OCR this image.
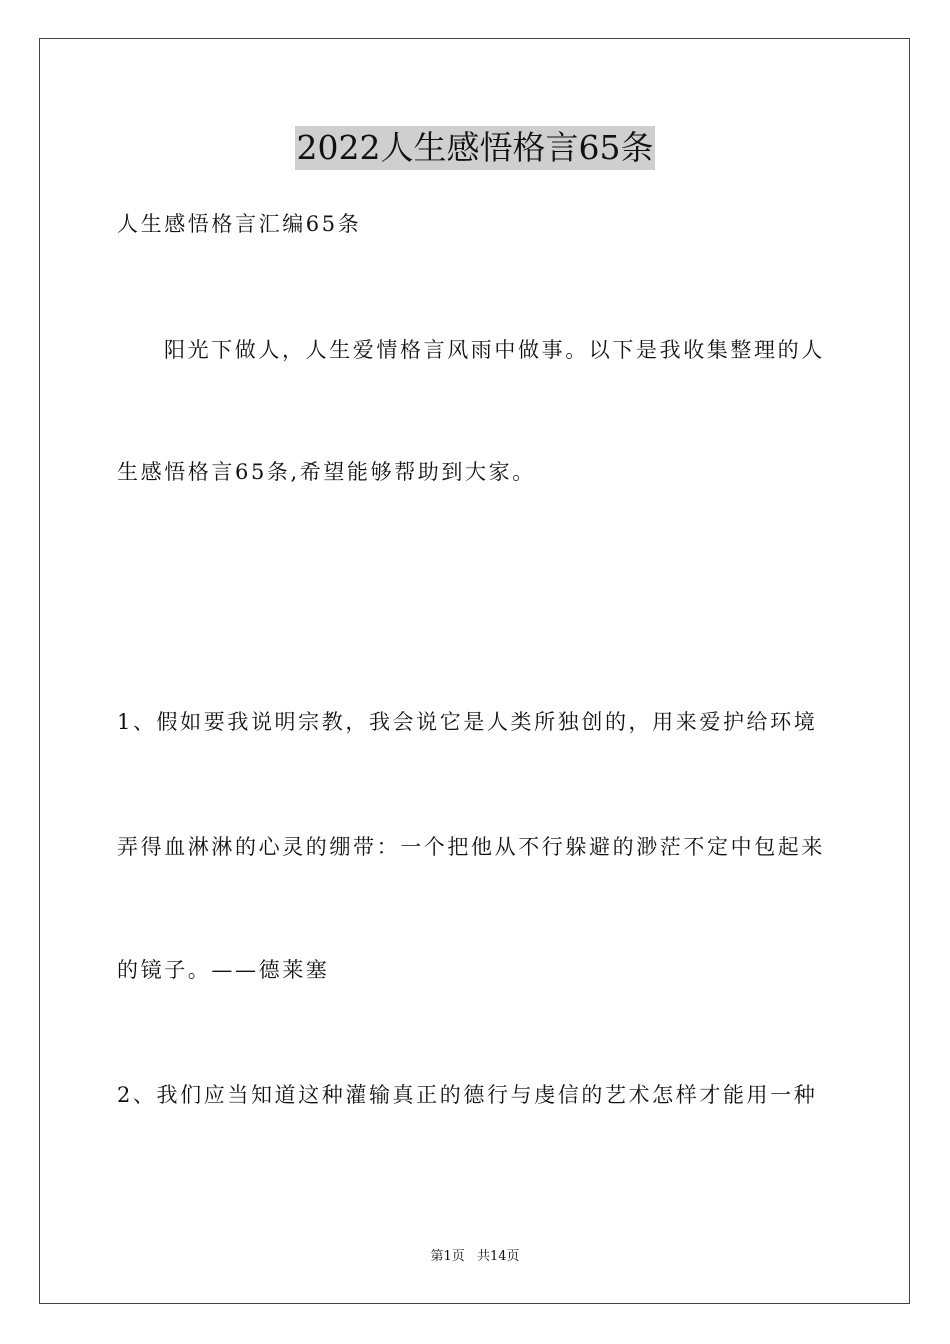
2022人生感悟格言65条
人生感悟格言汇编65条
阳光下做人，人生爱情格言风雨中做事。以下是我收集整理的人
生感悟格言65条,希望能够帮助到大家。
1、假如要我说明宗教，我会说它是人类所独创的，用来爱护给环境
弄得血淋淋的心灵的绷带：一个把他从不行躲避的渺茫不定中包起来
的镜子。——德莱塞
2、我们应当知道这种灌输真正的德行与虔信的艺术怎样才能用一种
第1页 共14页
